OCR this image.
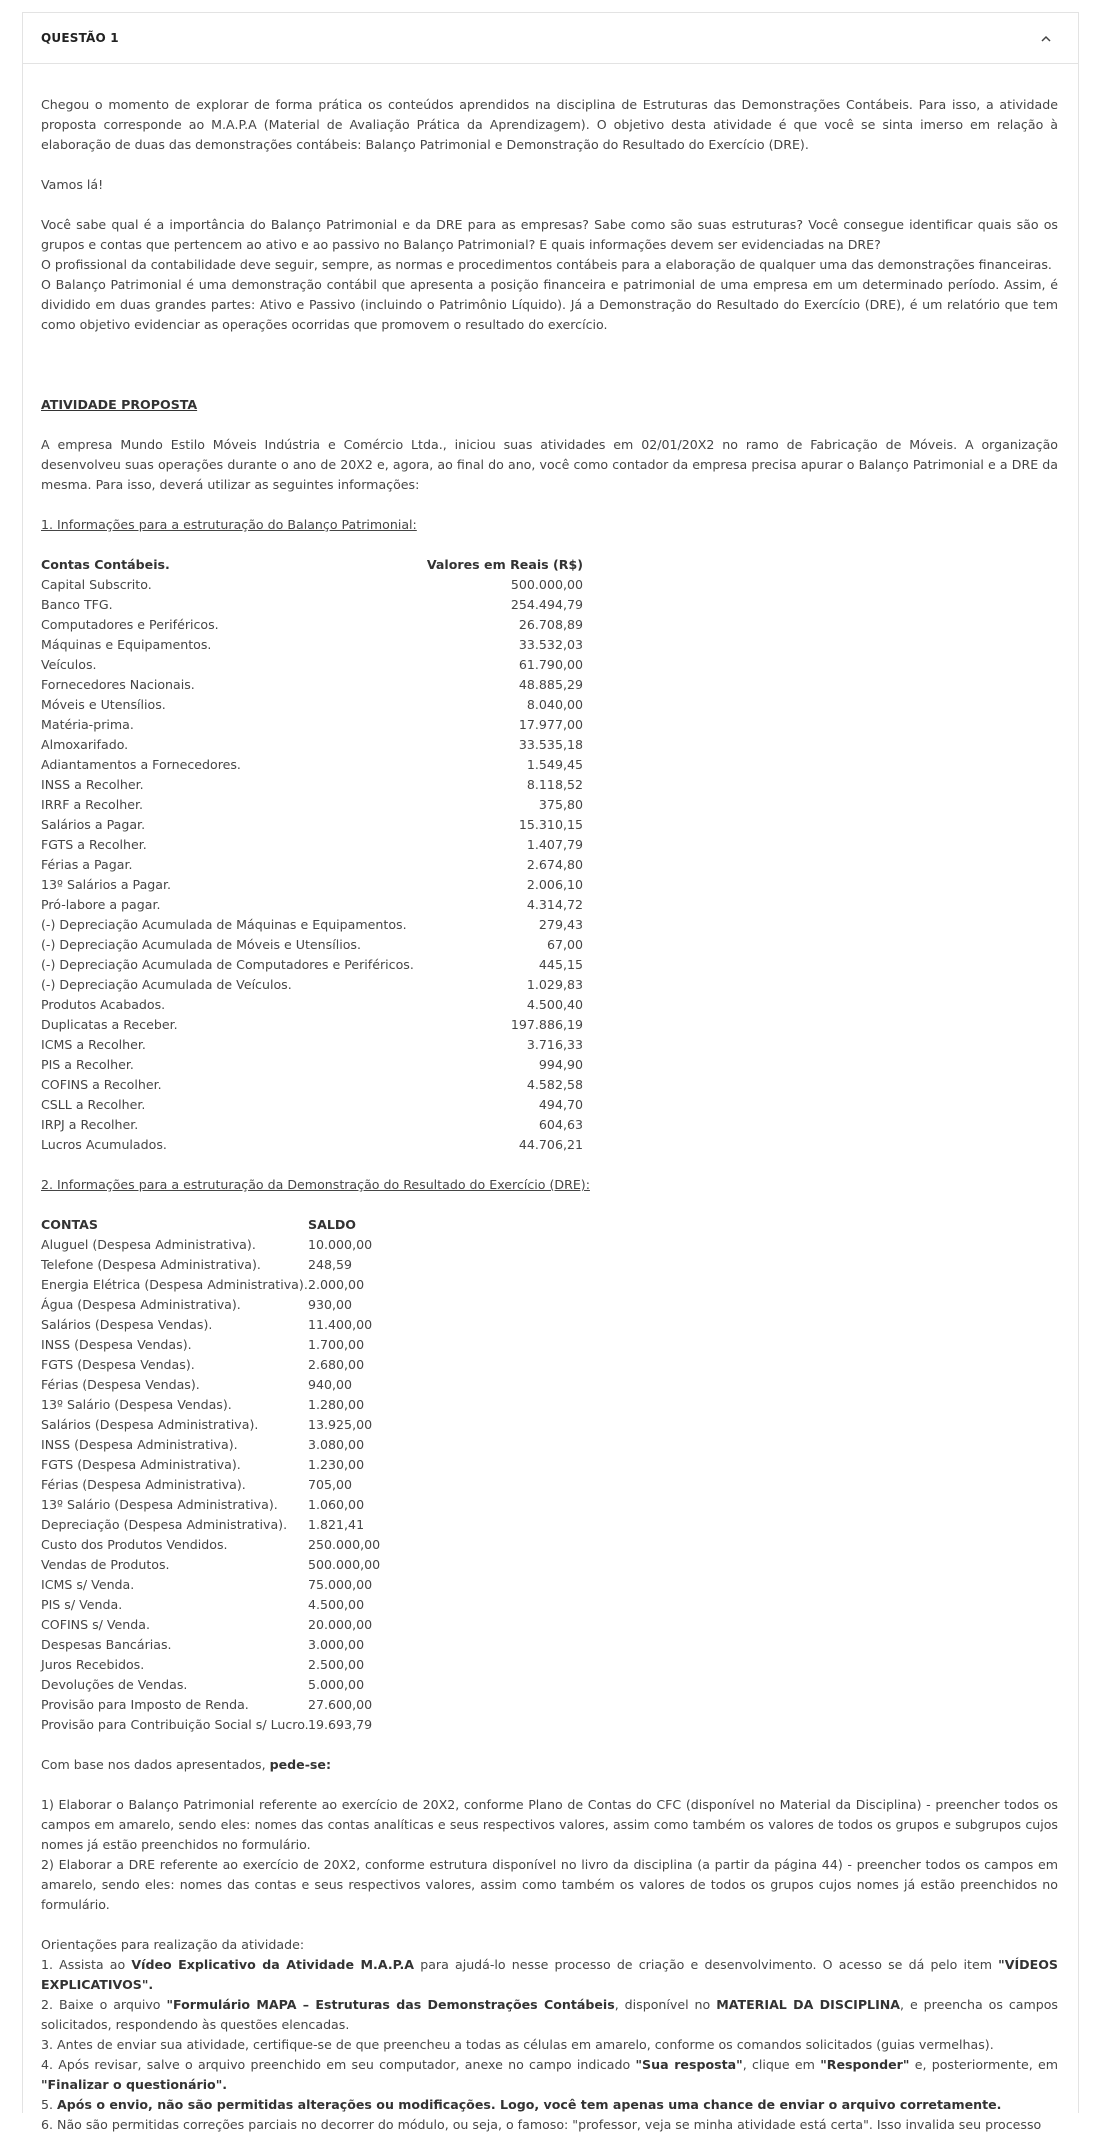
QUESTÃO 1

Chegou o momento de explorar de forma prática os conteúdos aprendidos na disciplina de Estruturas das Demonstrações Contábeis. Para isso, a atividade proposta corresponde ao M.A.P.A (Material de Avaliação Prática da Aprendizagem). O objetivo desta atividade é que você se sinta imerso em relação à elaboração de duas das demonstrações contábeis: Balanço Patrimonial e Demonstração do Resultado do Exercício (DRE).

Vamos lá!

Você sabe qual é a importância do Balanço Patrimonial e da DRE para as empresas? Sabe como são suas estruturas? Você consegue identificar quais são os grupos e contas que pertencem ao ativo e ao passivo no Balanço Patrimonial? E quais informações devem ser evidenciadas na DRE?

O profissional da contabilidade deve seguir, sempre, as normas e procedimentos contábeis para a elaboração de qualquer uma das demonstrações financeiras.

O Balanço Patrimonial é uma demonstração contábil que apresenta a posição financeira e patrimonial de uma empresa em um determinado período. Assim, é dividido em duas grandes partes: Ativo e Passivo (incluindo o Patrimônio Líquido). Já a Demonstração do Resultado do Exercício (DRE), é um relatório que tem como objetivo evidenciar as operações ocorridas que promovem o resultado do exercício.

ATIVIDADE PROPOSTA

A empresa Mundo Estilo Móveis Indústria e Comércio Ltda., iniciou suas atividades em 02/01/20X2 no ramo de Fabricação de Móveis. A organização desenvolveu suas operações durante o ano de 20X2 e, agora, ao final do ano, você como contador da empresa precisa apurar o Balanço Patrimonial e a DRE da mesma. Para isso, deverá utilizar as seguintes informações:

1. Informações para a estruturação do Balanço Patrimonial:

Contas Contábeis.	Valores em Reais (R$)
Capital Subscrito.	500.000,00
Banco TFG.	254.494,79
Computadores e Periféricos.	26.708,89
Máquinas e Equipamentos.	33.532,03
Veículos.	61.790,00
Fornecedores Nacionais.	48.885,29
Móveis e Utensílios.	8.040,00
Matéria-prima.	17.977,00
Almoxarifado.	33.535,18
Adiantamentos a Fornecedores.	1.549,45
INSS a Recolher.	8.118,52
IRRF a Recolher.	375,80
Salários a Pagar.	15.310,15
FGTS a Recolher.	1.407,79
Férias a Pagar.	2.674,80
13º Salários a Pagar.	2.006,10
Pró-labore a pagar.	4.314,72
(-) Depreciação Acumulada de Máquinas e Equipamentos.	279,43
(-) Depreciação Acumulada de Móveis e Utensílios.	67,00
(-) Depreciação Acumulada de Computadores e Periféricos.	445,15
(-) Depreciação Acumulada de Veículos.	1.029,83
Produtos Acabados.	4.500,40
Duplicatas a Receber.	197.886,19
ICMS a Recolher.	3.716,33
PIS a Recolher.	994,90
COFINS a Recolher.	4.582,58
CSLL a Recolher.	494,70
IRPJ a Recolher.	604,63
Lucros Acumulados.	44.706,21

2. Informações para a estruturação da Demonstração do Resultado do Exercício (DRE):

CONTAS	SALDO
Aluguel (Despesa Administrativa).	10.000,00
Telefone (Despesa Administrativa).	248,59
Energia Elétrica (Despesa Administrativa). 2.000,00
Água (Despesa Administrativa).	930,00
Salários (Despesa Vendas).	11.400,00
INSS (Despesa Vendas).	1.700,00
FGTS (Despesa Vendas).	2.680,00
Férias (Despesa Vendas).	940,00
13º Salário (Despesa Vendas).	1.280,00
Salários (Despesa Administrativa).	13.925,00
INSS (Despesa Administrativa).	3.080,00
FGTS (Despesa Administrativa).	1.230,00
Férias (Despesa Administrativa).	705,00
13º Salário (Despesa Administrativa). 1.060,00
Depreciação (Despesa Administrativa). 1.821,41
Custo dos Produtos Vendidos.	250.000,00
Vendas de Produtos.	500.000,00
ICMS s/ Venda.	75.000,00
PIS s/ Venda.	4.500,00
COFINS s/ Venda.	20.000,00
Despesas Bancárias.	3.000,00
Juros Recebidos.	2.500,00
Devoluções de Vendas.	5.000,00
Provisão para Imposto de Renda.	27.600,00
Provisão para Contribuição Social s/ Lucro. 19.693,79

Com base nos dados apresentados, pede-se:

1) Elaborar o Balanço Patrimonial referente ao exercício de 20X2, conforme Plano de Contas do CFC (disponível no Material da Disciplina) - preencher todos os campos em amarelo, sendo eles: nomes das contas analíticas e seus respectivos valores, assim como também os valores de todos os grupos e subgrupos cujos nomes já estão preenchidos no formulário.

2) Elaborar a DRE referente ao exercício de 20X2, conforme estrutura disponível no livro da disciplina (a partir da página 44) - preencher todos os campos em amarelo, sendo eles: nomes das contas e seus respectivos valores, assim como também os valores de todos os grupos cujos nomes já estão preenchidos no formulário.

Orientações para realização da atividade:

1. Assista ao Vídeo Explicativo da Atividade M.A.P.A para ajudá-lo nesse processo de criação e desenvolvimento. O acesso se dá pelo item "VÍDEOS EXPLICATIVOS".

2. Baixe o arquivo "Formulário MAPA – Estruturas das Demonstrações Contábeis, disponível no MATERIAL DA DISCIPLINA, e preencha os campos solicitados, respondendo às questões elencadas.

3. Antes de enviar sua atividade, certifique-se de que preencheu a todas as células em amarelo, conforme os comandos solicitados (guias vermelhas).

4. Após revisar, salve o arquivo preenchido em seu computador, anexe no campo indicado "Sua resposta", clique em "Responder" e, posteriormente, em "Finalizar o questionário".

5. Após o envio, não são permitidas alterações ou modificações. Logo, você tem apenas uma chance de enviar o arquivo corretamente.

6. Não são permitidas correções parciais no decorrer do módulo, ou seja, o famoso: "professor, veja se minha atividade está certa". Isso invalida seu processo
